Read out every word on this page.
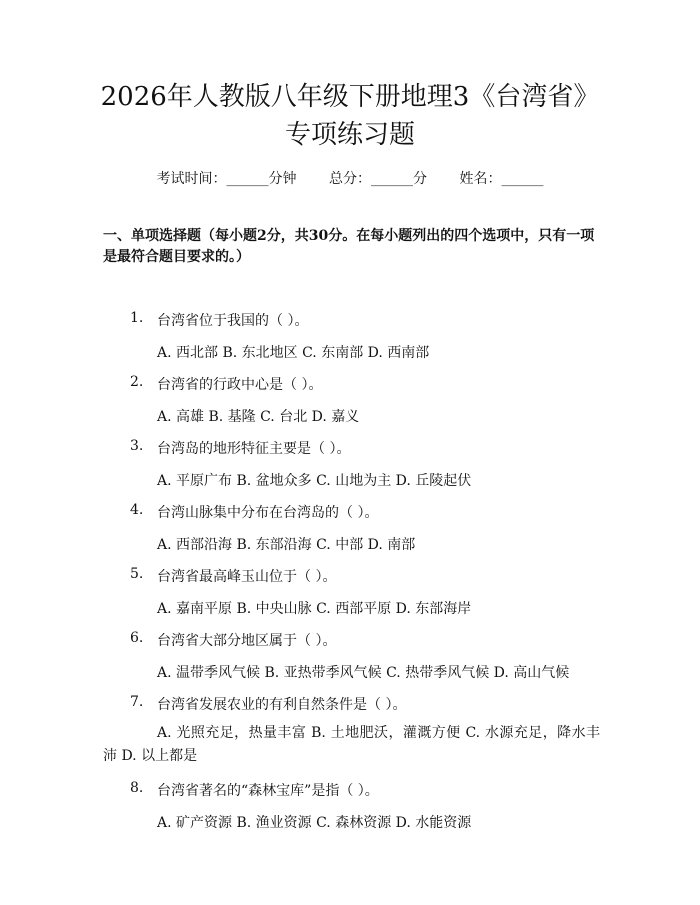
2026年人教版八年级下册地理3《台湾省》
专项练习题
考试时间：______分钟 总分：______分 姓名：______
一、单项选择题（每小题2分，共30分。在每小题列出的四个选项中，只有一项是最符合题目要求的。）
1. 台湾省位于我国的（ ）。
A. 西北部 B. 东北地区 C. 东南部 D. 西南部
2. 台湾省的行政中心是（ ）。
A. 高雄 B. 基隆 C. 台北 D. 嘉义
3. 台湾岛的地形特征主要是（ ）。
A. 平原广布 B. 盆地众多 C. 山地为主 D. 丘陵起伏
4. 台湾山脉集中分布在台湾岛的（ ）。
A. 西部沿海 B. 东部沿海 C. 中部 D. 南部
5. 台湾省最高峰玉山位于（ ）。
A. 嘉南平原 B. 中央山脉 C. 西部平原 D. 东部海岸
6. 台湾省大部分地区属于（ ）。
A. 温带季风气候 B. 亚热带季风气候 C. 热带季风气候 D. 高山气候
7. 台湾省发展农业的有利自然条件是（ ）。
A. 光照充足，热量丰富 B. 土地肥沃，灌溉方便 C. 水源充足，降水丰沛 D. 以上都是
8. 台湾省著名的“森林宝库”是指（ ）。
A. 矿产资源 B. 渔业资源 C. 森林资源 D. 水能资源
